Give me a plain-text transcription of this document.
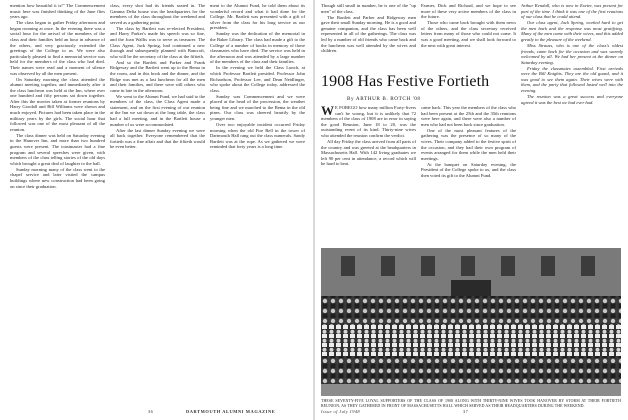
mention how beautiful it is!" The Commencement music here was finished thinking of the June flies years ago.

The class began to gather Friday afternoon and began rooming at once. In the evening there was a social hour for the arrival of the members of the class and their families held an hour in advance of the others, and very graciously extended the greetings of the College to us. We were also particularly pleased to find a memorial service was held for the members of the class who had died. Their names were read and a moment of silence was observed by all the men present.

On Saturday morning the class attended the alumni meeting together, and immediately after it the class luncheon was held at the Inn, where over one hundred and fifty persons sat down together. After this the movies taken at former reunions by Harry Goodall and Bill Williams were shown and much enjoyed. Pictures had been taken place in the military years by the girls. The social hour that followed was one of the most pleasant of all the reunion.

The class dinner was held on Saturday evening in the Hanover Inn, and more than two hundred guests were present. The toastmaster had a fine program and several speeches were given, with members of the class telling stories of the old days which brought a great deal of laughter to the hall.

Sunday morning many of the class went to the chapel service and later visited the campus buildings where new construction had been going on since their graduation.

class, every shot had its friends seated in. The Gamma Delta house was the headquarters for the members of the class throughout the weekend and served as a gathering point.

The class by Bartlett was re-elected President, and Harry Parker's made his speech was so fine, and the Joan Wallis was to serve as treasurer. The Class Agent, Jack Spring, had continued a new through and subsequently planned with Bancroft, who will be the secretary of the class at the fiftieth.

And so the Bartlett and Parker and Frank Ridgeway and the Bartlett went up to the Bema in the room, and in this book and the dinner, and the Ridge was met as a last luncheon for all the men and their families, and there were still others who came in late in the afternoon.

We went to the Alumni Fund, we had said to the members of the class, the Class Agent made a statement, and on the first evening of our reunion at the Inn we sat down at the long table, the class had a full meeting, and in the Bartlett house a number of us were accommodated.

After the last dinner Sunday evening we were all back together. Everyone remembered that the fortieth was a fine affair and that the fiftieth would be even better.

ment to the Alumni Fund, he told them about its wonderful record and what it had done for the College. Mr. Bartlett was presented with a gift of silver from the class for his long service as our president.

Sunday was the dedication of the memorial in the Baker Library. The class had made a gift to the College of a number of books in memory of those classmates who have died. The service was held in the afternoon and was attended by a large number of the members of the class and their families.

In the evening we held the Class Lunch, at which Professor Bartlett presided. Professor John Richardson, Professor Lee, and Dean Neidlinger, who spoke about the College today, addressed the class.

Sunday was Commencement and we were placed at the head of the procession, the weather being fine and we marched to the Bema in the old pines. Our class was cheered heartily by the younger men.

Over two enjoyable incident occurred Friday morning when the old Fire Bell in the tower of Dartmouth Hall rang out the class numerals. Sandy Bartlett was at the rope. As we gathered we were reminded that forty years is a long time.

36	DARTMOUTH ALUMNI MAGAZINE

Though still small in number, he is one of the "up men" of the class.

The Bartlett and Parker and Ridgeway men gave their small Sunday morning. He is a good and genuine companion, and the class has been well represented in all of the gatherings. The class was led by a number of old friends who came back and the luncheon was well attended by the wives and children.

Farmer, Dick and Richard, and we hope to see more of these very active members of the class in the future.

Those who came back brought with them news of the others, and the class secretary received letters from many of those who could not come. It was a good meeting, and we shall look forward to the next with great interest.

Arthur Kendall, who is now in Exeter, was present for part of the time. I think it was one of the first reunions of our class that he could attend.

Our class agent, Jack Spring, worked hard to get the men back and the response was most gratifying. Many of the men came with their wives, and this added greatly to the pleasure of the weekend.

Miss Strauss, who is one of the class's oldest friends, came back for the occasion and was warmly welcomed by all. We had her present at the dinner on Saturday evening.

Friday the classmates assembled. First arrivals were the Bill Knights. They are the old guard, and it was good to see them again. Their wives were with them, and the party that followed lasted well into the evening.

The reunion was a great success and everyone agreed it was the best we had ever had.

1908 Has Festive Fortieth
By ARTHUR B. ROTCH '08

W E FOREGO how many million Forty-fivers can't be wrong, but it is unlikely that 72 members of the class of 1908 are in error in saying the good Reunion, June 18 to 20, was the outstanding event of its kind. Thirty-nine wives who attended the reunion confirm the verdict.

All day Friday the class arrived from all parts of the country and was greeted at the headquarters in Massachusetts Hall. With 142 living graduates we left 90 per cent in attendance, a record which will be hard to beat.

came back. This year the members of the class who had been present at the 25th and the 35th reunions were here again, and there were also a number of men who had not been back since graduation.

One of the most pleasant features of the gathering was the presence of so many of the wives. Their company added to the festive spirit of the occasion, and they had their own program of events arranged for them while the men held their meetings.

At the banquet on Saturday evening, the President of the College spoke to us, and the class then voted its gift to the Alumni Fund.

THESE SEVENTY-FIVE LOYAL SUPPORTERS OF THE CLASS OF 1908 ALONG WITH THIRTY-NINE WIVES TOOK HANOVER BY STORM AT THEIR FORTIETH REUNION, AS THEY GATHERED IN FRONT OF MASSACHUSETTS HALL WHICH SERVED AS THEIR HEADQUARTERS DURING THE WEEKEND.
Issue of July 1948	37
